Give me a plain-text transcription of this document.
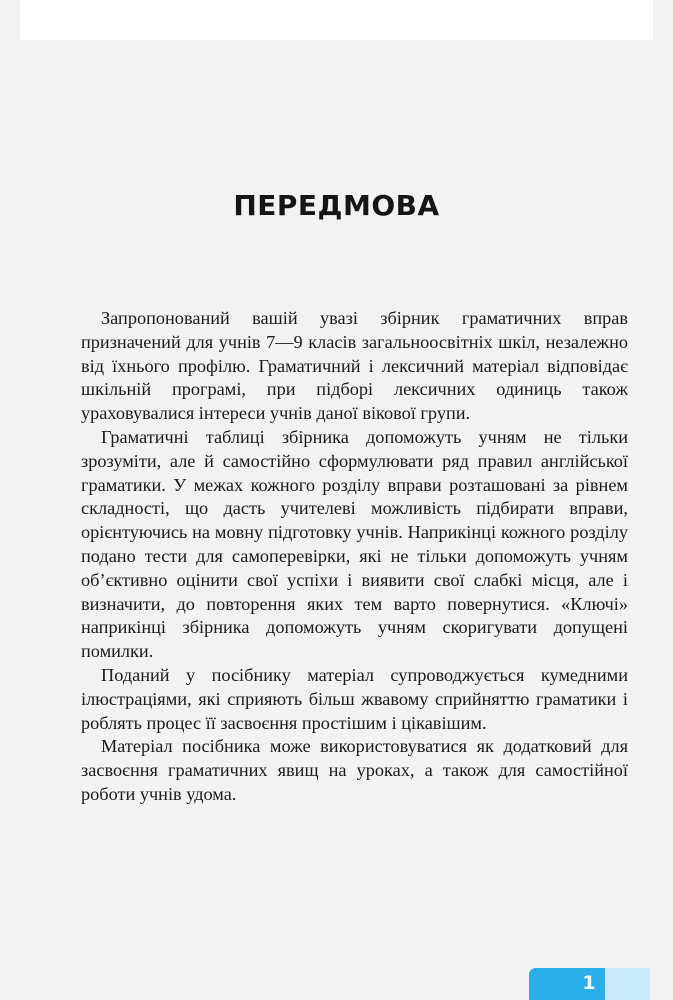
ПЕРЕДМОВА

Запропонований вашій увазі збірник граматичних вправ призначений для учнів 7—9 класів загальноосвітніх шкіл, незалежно від їхнього профілю. Граматичний і лексичний матеріал відповідає шкільній програмі, при підборі лексичних одиниць також ураховувалися інтереси учнів даної вікової групи.

Граматичні таблиці збірника допоможуть учням не тільки зрозуміти, але й самостійно сформулювати ряд правил англійської граматики. У межах кожного розділу вправи розташовані за рівнем складності, що дасть учителеві можливість підбирати вправи, орієнтуючись на мовну підготовку учнів. Наприкінці кожного розділу подано тести для самоперевірки, які не тільки допоможуть учням об’єктивно оцінити свої успіхи і виявити свої слабкі місця, але і визначити, до повторення яких тем варто повернутися. «Ключі» наприкінці збірника допоможуть учням скоригувати допущені помилки.

Поданий у посібнику матеріал супроводжується кумедними ілюстраціями, які сприяють більш жвавому сприйняттю граматики і роблять процес її засвоєння простішим і цікавішим.

Матеріал посібника може використовуватися як додатковий для засвоєння граматичних явищ на уроках, а також для самостійної роботи учнів удома.

1
